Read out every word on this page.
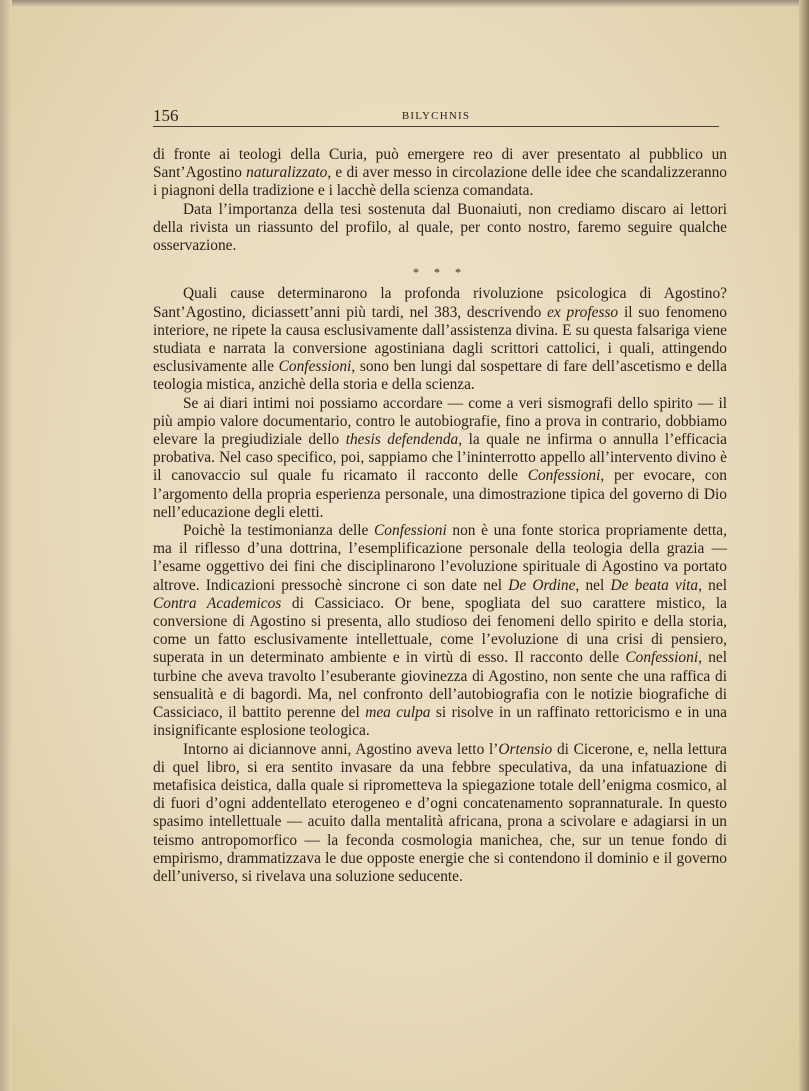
156	BILYCHNIS

di fronte ai teologi della Curia, può emergere reo di aver presentato al pubblico un Sant’Agostino naturalizzato, e di aver messo in circolazione delle idee che scandalizzeranno i piagnoni della tradizione e i lacchè della scienza comandata.

Data l’importanza della tesi sostenuta dal Buonaiuti, non crediamo discaro ai lettori della rivista un riassunto del profilo, al quale, per conto nostro, faremo seguire qualche osservazione.

* * *

Quali cause determinarono la profonda rivoluzione psicologica di Agostino? Sant’Agostino, diciassett’anni più tardi, nel 383, descrivendo ex professo il suo fenomeno interiore, ne ripete la causa esclusivamente dall’assistenza divina. E su questa falsariga viene studiata e narrata la conversione agostiniana dagli scrittori cattolici, i quali, attingendo esclusivamente alle Confessioni, sono ben lungi dal sospettare di fare dell’ascetismo e della teologia mistica, anzichè della storia e della scienza.

Se ai diari intimi noi possiamo accordare — come a veri sismografi dello spirito — il più ampio valore documentario, contro le autobiografie, fino a prova in contrario, dobbiamo elevare la pregiudiziale dello thesis defendenda, la quale ne infirma o annulla l’efficacia probativa. Nel caso specifico, poi, sappiamo che l’ininterrotto appello all’intervento divino è il canovaccio sul quale fu ricamato il racconto delle Confessioni, per evocare, con l’argomento della propria esperienza personale, una dimostrazione tipica del governo di Dio nell’educazione degli eletti.

Poichè la testimonianza delle Confessioni non è una fonte storica propriamente detta, ma il riflesso d’una dottrina, l’esemplificazione personale della teologia della grazia — l’esame oggettivo dei fini che disciplinarono l’evoluzione spirituale di Agostino va portato altrove. Indicazioni pressochè sincrone ci son date nel De Ordine, nel De beata vita, nel Contra Academicos di Cassiciaco. Or bene, spogliata del suo carattere mistico, la conversione di Agostino si presenta, allo studioso dei fenomeni dello spirito e della storia, come un fatto esclusivamente intellettuale, come l’evoluzione di una crisi di pensiero, superata in un determinato ambiente e in virtù di esso. Il racconto delle Confessioni, nel turbine che aveva travolto l’esuberante giovinezza di Agostino, non sente che una raffica di sensualità e di bagordi. Ma, nel confronto dell’autobiografia con le notizie biografiche di Cassiciaco, il battito perenne del mea culpa si risolve in un raffinato rettoricismo e in una insignificante esplosione teologica.

Intorno ai diciannove anni, Agostino aveva letto l’Ortensio di Cicerone, e, nella lettura di quel libro, si era sentito invasare da una febbre speculativa, da una infatuazione di metafisica deistica, dalla quale si riprometteva la spiegazione totale dell’enigma cosmico, al di fuori d’ogni addentellato eterogeneo e d’ogni concatenamento soprannaturale. In questo spasimo intellettuale — acuito dalla mentalità africana, prona a scivolare e adagiarsi in un teismo antropomorfico — la feconda cosmologia manichea, che, sur un tenue fondo di empirismo, drammatizzava le due opposte energie che si contendono il dominio e il governo dell’universo, si rivelava una soluzione seducente.
